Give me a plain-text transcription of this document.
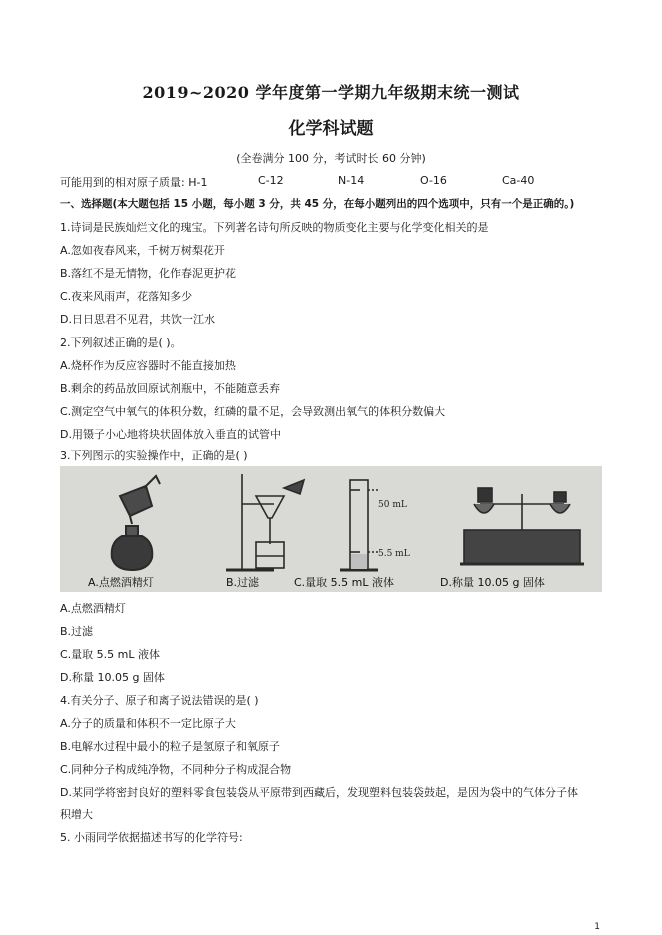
2019~2020 学年度第一学期九年级期末统一测试
化学科试题
(全卷满分 100 分，考试时长 60 分钟)
可能用到的相对原子质量: H-1	C-12	N-14	O-16	Ca-40
一、选择题(本大题包括 15 小题，每小题 3 分，共 45 分，在每小题列出的四个选项中，只有一个是正确的。)
1.诗词是民族灿烂文化的瑰宝。下列著名诗句所反映的物质变化主要与化学变化相关的是
A.忽如夜春风来，千树万树梨花开
B.落红不是无情物，化作春泥更护花
C.夜来风雨声，花落知多少
D.日日思君不见君，共饮一江水
2.下列叙述正确的是( )。
A.烧杯作为反应容器时不能直接加热
B.剩余的药品放回原试剂瓶中，不能随意丢弃
C.测定空气中氧气的体积分数，红磷的量不足，会导致测出氧气的体积分数偏大
D.用镊子小心地将块状固体放入垂直的试管中
3.下列图示的实验操作中，正确的是( )
50 mL
5.5 mL
A.点燃酒精灯	B.过滤	C.量取 5.5 mL 液体	D.称量 10.05 g 固体
A.点燃酒精灯
B.过滤
C.量取 5.5 mL 液体
D.称量 10.05 g 固体
4.有关分子、原子和离子说法错误的是( )
A.分子的质量和体积不一定比原子大
B.电解水过程中最小的粒子是氢原子和氧原子
C.同种分子构成纯净物，不同种分子构成混合物
D.某同学将密封良好的塑料零食包装袋从平原带到西藏后，发现塑料包装袋鼓起，是因为袋中的气体分子体
积增大
5. 小雨同学依据描述书写的化学符号:
1
